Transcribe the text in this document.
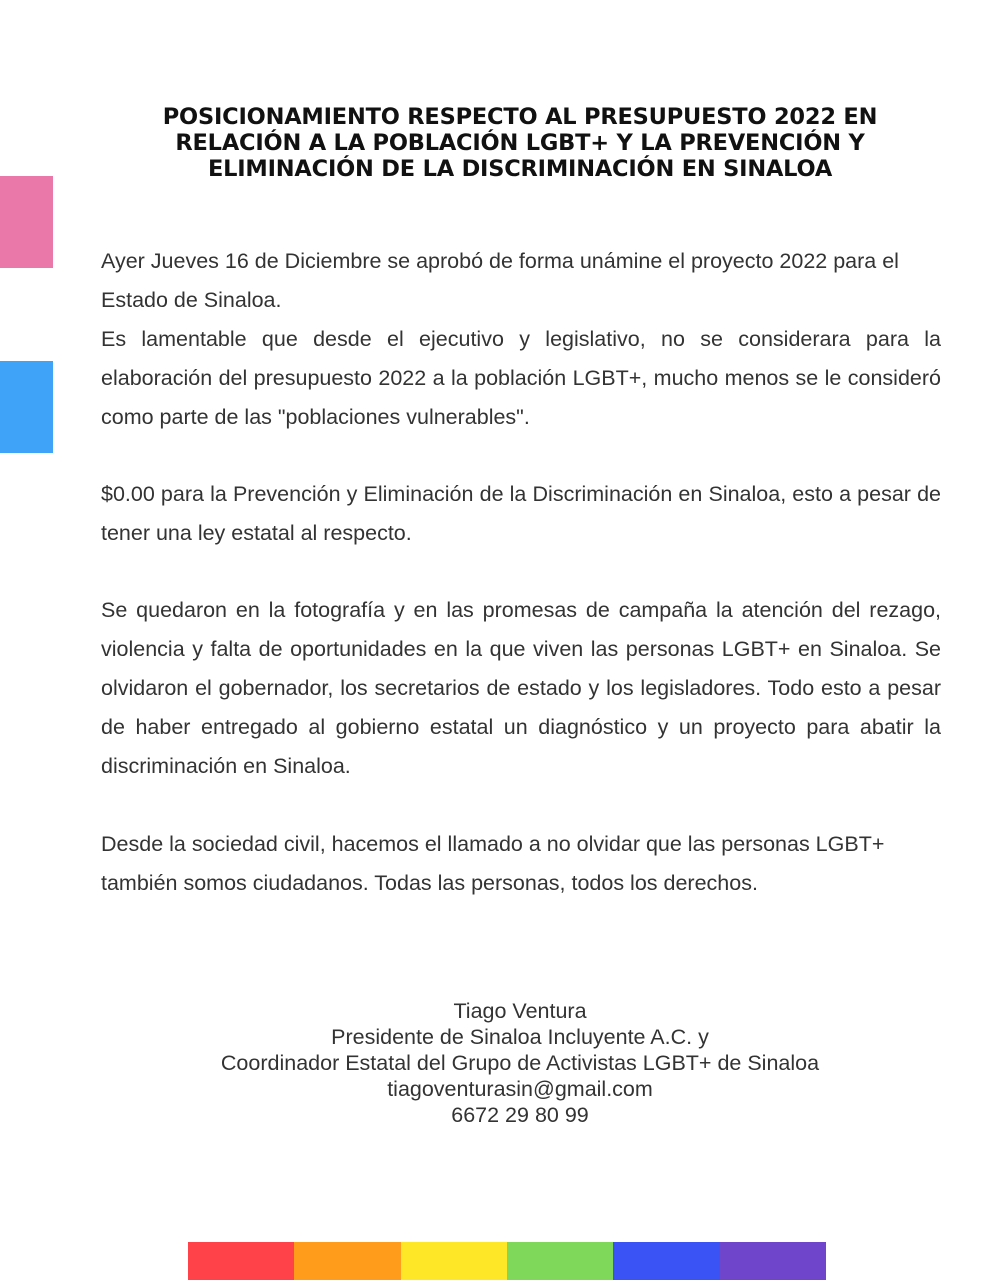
POSICIONAMIENTO RESPECTO AL PRESUPUESTO 2022 EN
RELACIÓN A LA POBLACIÓN LGBT+ Y LA PREVENCIÓN Y
ELIMINACIÓN DE LA DISCRIMINACIÓN EN SINALOA

Ayer Jueves 16 de Diciembre se aprobó de forma unámine el proyecto 2022 para el Estado de Sinaloa.

Es lamentable que desde el ejecutivo y legislativo, no se considerara para la elaboración del presupuesto 2022 a la población LGBT+, mucho menos se le consideró como parte de las "poblaciones vulnerables".

$0.00 para la Prevención y Eliminación de la Discriminación en Sinaloa, esto a pesar de tener una ley estatal al respecto.

Se quedaron en la fotografía y en las promesas de campaña la atención del rezago, violencia y falta de oportunidades en la que viven las personas LGBT+ en Sinaloa. Se olvidaron el gobernador, los secretarios de estado y los legisladores. Todo esto a pesar de haber entregado al gobierno estatal un diagnóstico y un proyecto para abatir la discriminación en Sinaloa.

Desde la sociedad civil, hacemos el llamado a no olvidar que las personas LGBT+ también somos ciudadanos. Todas las personas, todos los derechos.

Tiago Ventura
Presidente de Sinaloa Incluyente A.C. y
Coordinador Estatal del Grupo de Activistas LGBT+ de Sinaloa
tiagoventurasin@gmail.com
6672 29 80 99
